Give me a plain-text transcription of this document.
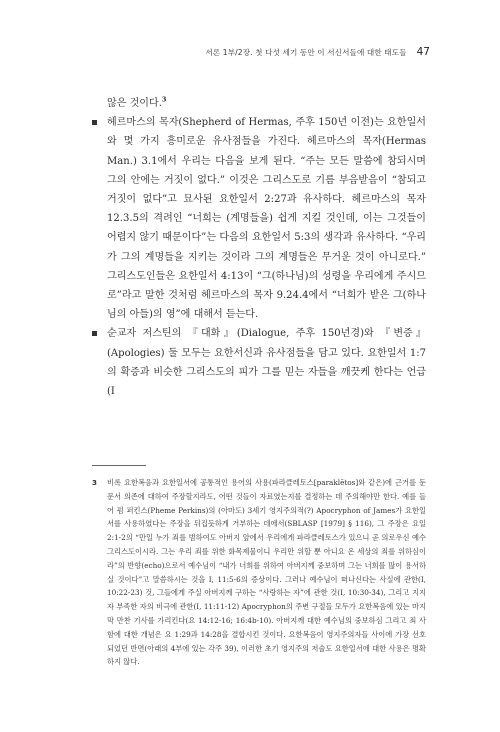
서론 1부/2장. 첫 다섯 세기 동안 이 서신서들에 대한 태도들 47

않은 것이다.$^3$

헤르마스의 목자(Shepherd of Hermas, 주후 150년 이전)는 요한일서와 몇 가지 흥미로운 유사점들을 가진다. 헤르마스의 목자(Hermas Man.) 3.1에서 우리는 다음을 보게 된다. “주는 모든 말씀에 참되시며 그의 안에는 거짓이 없다.” 이것은 그리스도로 기름 부음받음이 “참되고 거짓이 없다”고 묘사된 요한일서 2:27과 유사하다. 헤르마스의 목자 12.3.5의 격려인 “너희는 (계명들을) 쉽게 지킬 것인데, 이는 그것들이 어렵지 않기 때문이다”는 다음의 요한일서 5:3의 생각과 유사하다. “우리가 그의 계명들을 지키는 것이라 그의 계명들은 무거운 것이 아니로다.” 그리스도인들은 요한일서 4:13이 “그(하나님)의 성령을 우리에게 주시므로”라고 말한 것처럼 헤르마스의 목자 9.24.4에서 “너희가 받은 그(하나님의 아들)의 영”에 대해서 듣는다.

순교자 저스틴의 『대화』(Dialogue, 주후 150년경)와 『변증』(Apologies) 둘 모두는 요한서신과 유사점들을 담고 있다. 요한일서 1:7의 확증과 비슷한 그리스도의 피가 그를 믿는 자들을 깨끗케 한다는 언급(I

3	비록 요한복음과 요한일서에 공통적인 용어의 사용(파라클레토스[paraklētos]와 같은)에 근거를 둔 문서 의존에 대하여 주장할지라도, 어떤 것들이 자료였는지를 결정하는 데 주의해야만 한다. 예를 들어 펌 퍼킨스(Pheme Perkins)의 (아마도) 3세기 영지주의적(?) Apocryphon of James가 요한일서를 사용하였다는 주장을 뒤집듯하게 거부하는 데에서(SBLASP [1979] § 116), 그 주장은 요일 2:1-2의 “만일 누가 죄를 범하여도 아버지 앞에서 우리에게 파라클레토스가 있으니 곧 의로우신 예수 그리스도이시라. 그는 우리 죄를 위한 화목제물이니 우리만 위할 뿐 아니요 온 세상의 죄를 위하심이라”의 반향(echo)으로서 예수님이 “내가 너희를 위하여 아버지께 중보하며 그는 너희를 많이 용서하실 것이다”고 말씀하시는 것을 I, 11:5-6의 증상이다. 그러나 예수님이 떠나신다는 사실에 관한(I, 10:22-23) 것, 그들에게 주실 아버지께 구하는 “사랑하는 자”에 관한 것(I, 10:30-34), 그리고 지지자 부족한 자의 비극에 관한(I, 11:11-12) Apocryphon의 주변 구절들 모두가 요한복음에 있는 마지막 만찬 기사를 가리킨다(요 14:12-16; 16:4b-10). 아버지께 대한 예수님의 중보하심 그리고 죄 사함에 대한 개념은 요 1:29과 14:28을 결합시킨 것이다. 요한복음이 영지주의자들 사이에 가장 선호되었던 반면(아래의 4부에 있는 각주 39), 이러한 초기 영지주의 저술도 요한일서에 대한 사용은 명확하지 않다.
